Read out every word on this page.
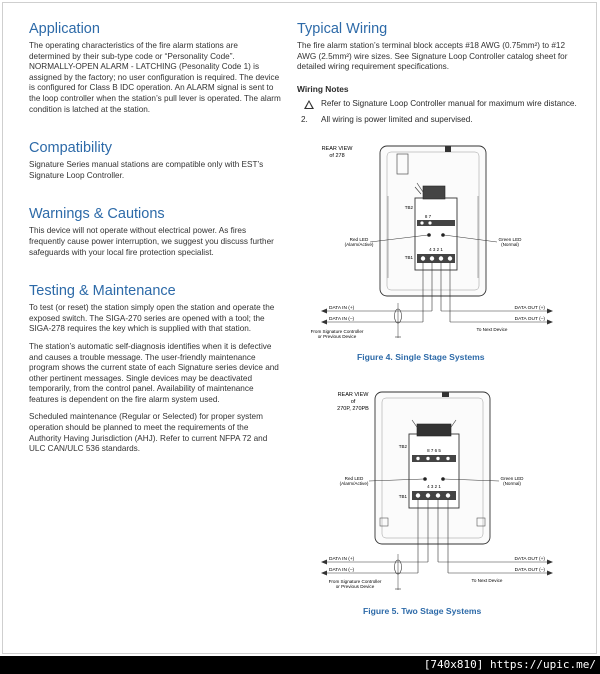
Application

The operating characteristics of the fire alarm stations are determined by their sub-type code or “Personality Code”. NORMALLY-OPEN ALARM - LATCHING (Pesonality Code 1) is assigned by the factory; no user configuration is required. The device is configured for Class B IDC operation. An ALARM signal is sent to the loop controller when the station’s pull lever is operated. The alarm condition is latched at the station.

Compatibility

Signature Series manual stations are compatible only with EST’s Signature Loop Controller.

Warnings & Cautions

This device will not operate without electrical power. As fires frequently cause power interruption, we suggest you discuss further safeguards with your local fire protection specialist.

Testing & Maintenance

To test (or reset) the station simply open the station and operate the exposed switch. The SIGA-270 series are opened with a tool; the SIGA-278 requires the key which is supplied with that station.

The station’s automatic self-diagnosis identifies when it is defective and causes a trouble message. The user-friendly maintenance program shows the current state of each Signature series device and other pertinent messages. Single devices may be deactivated temporarily, from the control panel. Availability of maintenance features is dependent on the fire alarm system used.

Scheduled maintenance (Regular or Selected) for proper system operation should be planned to meet the requirements of the Authority Having Jurisdiction (AHJ). Refer to current NFPA 72 and ULC CAN/ULC 536 standards.

Typical Wiring

The fire alarm station’s terminal block accepts #18 AWG (0.75mm²) to #12 AWG (2.5mm²) wire sizes. See Signature Loop Controller catalog sheet for detailed wiring requirement specifications.

Wiring Notes
Refer to Signature Loop Controller manual for maximum wire distance.
2.	All wiring is power limited and supervised.
REAR VIEW
of 278
TB2
8 7
4 3 2 1
TB1
Red LED
(Alarm/Active)
Green LED
(Normal)
DATA IN (+)
DATA IN (–)
DATA OUT (+)
DATA OUT (–)
From Signature Controller
or Previous Device
To Next Device
Figure 4. Single Stage Systems
REAR VIEW
of
270P, 270PB
8 7 6 5
TB2
4 3 2 1
TB1
Red LED
(Alarm/Active)
Green LED
(Normal)
DATA IN (+)
DATA IN (–)
DATA OUT (+)
DATA OUT (–)
From Signature Controller
or Previous Device
To Next Device
Figure 5. Two Stage Systems
[740x810] https://upic.me/
